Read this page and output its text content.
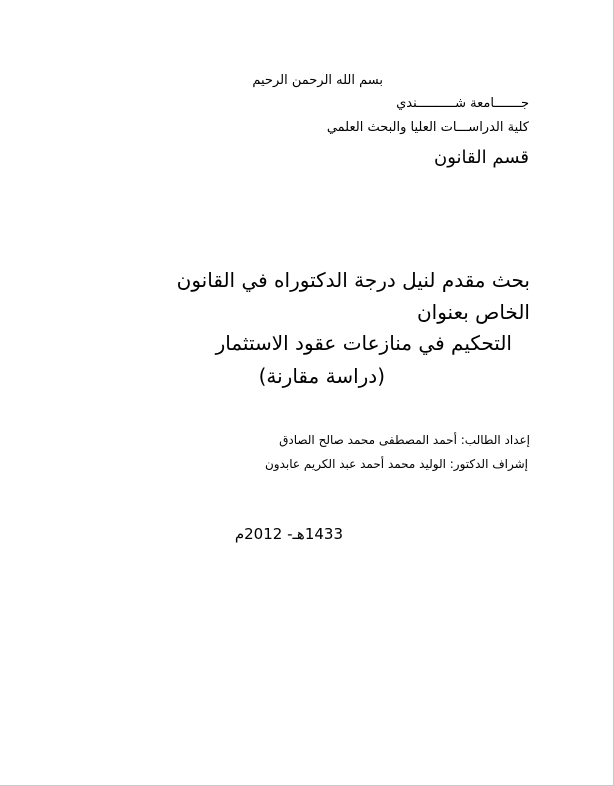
بسم الله الرحمن الرحيم
جـــــــامعة شــــــــــندي
كلية الدراســـات العليا والبحث العلمي
قسم القانون
بحث مقدم لنيل درجة الدكتوراه في القانون
الخاص بعنوان
التحكيم في منازعات عقود الاستثمار
(دراسة مقارنة)
إعداد الطالب: أحمد المصطفى محمد صالح الصادق
إشراف الدكتور: الوليد محمد أحمد عبد الكريم عابدون
1433هـ- 2012م
